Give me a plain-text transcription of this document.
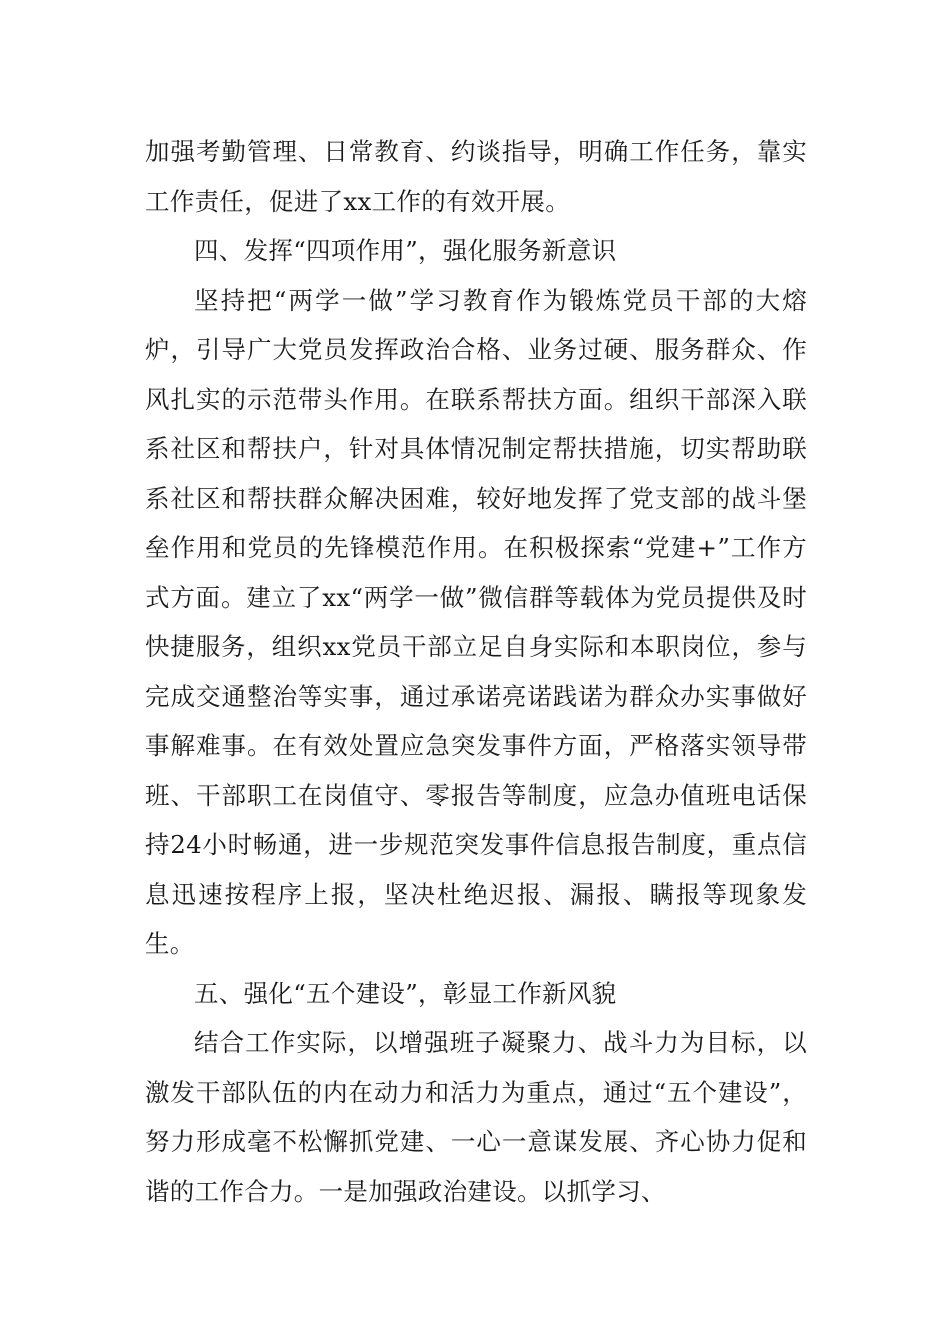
加强考勤管理、日常教育、约谈指导，明确工作任务，靠实工作责任，促进了xx工作的有效开展。

四、发挥“四项作用”，强化服务新意识

坚持把“两学一做”学习教育作为锻炼党员干部的大熔炉，引导广大党员发挥政治合格、业务过硬、服务群众、作风扎实的示范带头作用。在联系帮扶方面。组织干部深入联系社区和帮扶户，针对具体情况制定帮扶措施，切实帮助联系社区和帮扶群众解决困难，较好地发挥了党支部的战斗堡垒作用和党员的先锋模范作用。在积极探索“党建+”工作方式方面。建立了xx“两学一做”微信群等载体为党员提供及时快捷服务，组织xx党员干部立足自身实际和本职岗位，参与完成交通整治等实事，通过承诺亮诺践诺为群众办实事做好事解难事。在有效处置应急突发事件方面，严格落实领导带班、干部职工在岗值守、零报告等制度，应急办值班电话保持24小时畅通，进一步规范突发事件信息报告制度，重点信息迅速按程序上报，坚决杜绝迟报、漏报、瞒报等现象发生。

五、强化“五个建设”，彰显工作新风貌

结合工作实际，以增强班子凝聚力、战斗力为目标，以激发干部队伍的内在动力和活力为重点，通过“五个建设”，努力形成毫不松懈抓党建、一心一意谋发展、齐心协力促和谐的工作合力。一是加强政治建设。以抓学习、
